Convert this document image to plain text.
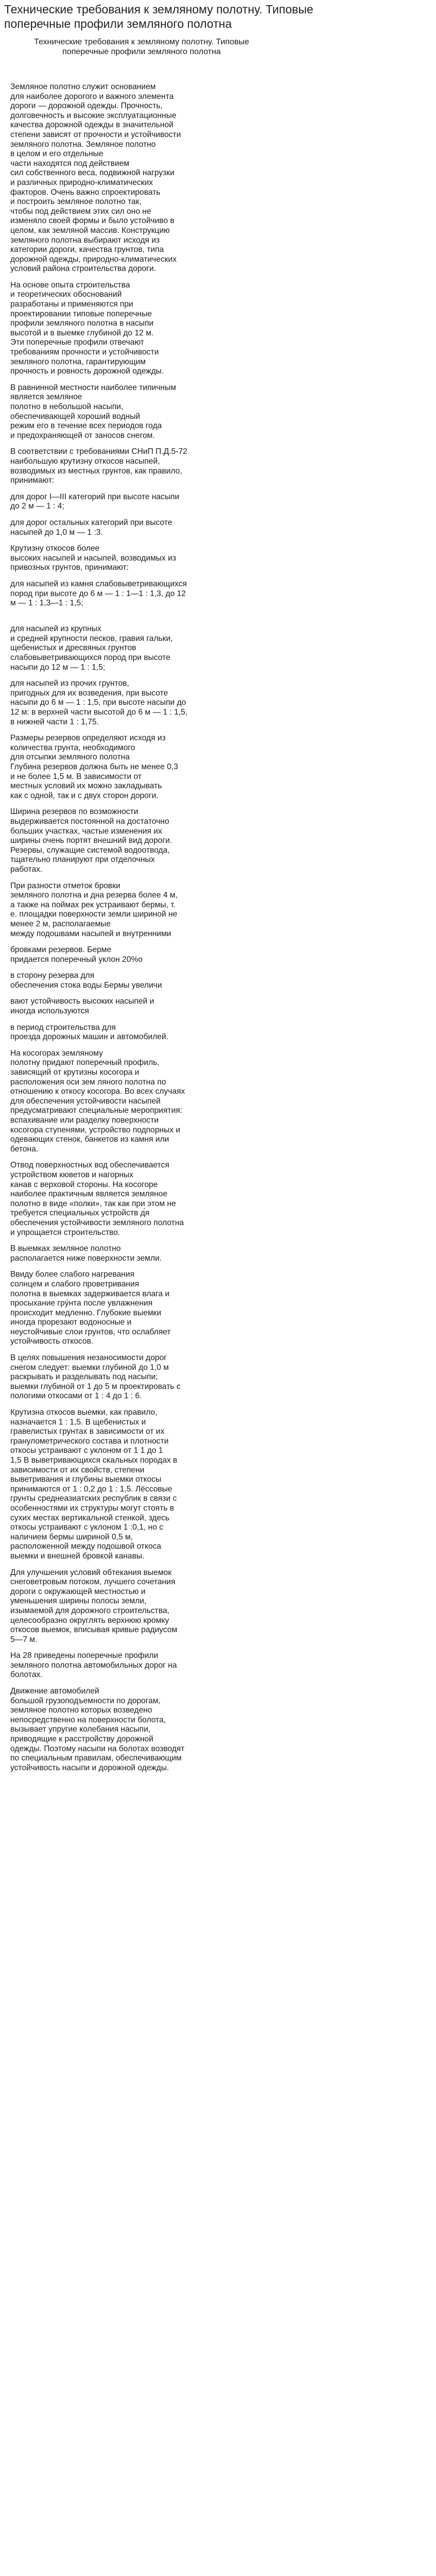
Технические требования к земляному полотну. Типовые поперечные профили земляного полотна
Технические требования к земляному полотну. Типовые поперечные профили земляного полотна

Земляное полотно служит основанием
для наиболее дорогого и важного элемента
дороги — дорожной одежды. Прочность,
долговечность и высокие эксплуатационные
качества дорожной одежды в значительной
степени зависят от прочности и устойчивости
земляного полотна. Земляное полотно
в целом и его отдельные
части находятся под действием
сил собственного веса, подвижной нагрузки
и различных природно-климатических
факторов. Очень важно спроектировать
и построить земляное полотно так,
чтобы под действием этих сил оно не
изменяло своей формы и было устойчиво в
целом, как земляной массив. Конструкцию
земляного полотна выбирают исходя из
категории дороги, качества грунтов, типа
дорожной одежды, природно-климатических
условий района строительства дороги.

На основе опыта строительства
и теоретических обоснований
разработаны и применяются при
проектировании типовые поперечные
профили земляного полотна в насыпи
высотой и в выемке глубиной до 12 м.
Эти поперечные профили отвечают
требованиям прочности и устойчивости
земляного полотна, гарантирующим
прочность и ровность дорожной одежды.

В равнинной местности наиболее типичным
является земляное
полотно в небольшой насыпи,
обеспечивающей хороший водный
режим его в течение всех периодов года
и предохраняющей от заносов снегом.

В соответствии с требованиями СНиП П.Д.5-72
наибольшую крутизну откосов насыпей,
возводимых из местных грунтов, как правило,
принимают:

для дорог I—III категорий при высоте насыпи
до 2 м — 1 : 4;

для дорог остальных категорий при высоте
насыпей до 1,0 м — 1 :3.

Крутизну откосов более
высоких насыпей и насыпей, возводимых из
привозных грунтов, принимают:

для насыпей из камня слабовыветривающихся
пород при высоте до 6 м — 1 : 1—1 : 1,3, до 12
м — 1 : 1,3—1 : 1,5;

для насыпей из крупных
и средней крупности песков, гравия гальки,
щебенистых и дресвяных грунтов
слабовыветривающихся пород при высоте
насыпи до 12 м — 1 : 1,5;

для насыпей из прочих грунтов,
пригодных для их возведения, при высоте
насыпи до 6 м — 1 : 1,5, при высоте насыпи до
12 м: в верхней части высотой до 6 м — 1 : 1,5,
в нижней части 1 : 1,75.

Размеры резервов определяют исходя из
количества грунта, необходимого
для отсыпки земляного полотна
Глубина резервов должна быть не менее 0,3
и не более 1,5 м. В зависимости от
местных условий их можно закладывать
как с одной, так и с двух сторон дороги.

Ширина резервов по возможности
выдерживается постоянной на достаточно
больших участках, частые изменения их
ширины очень портят внешний вид дороги.
Резервы, служащие системой водоотвода,
тщательно планируют при отделочных
работах.

При разности отметок бровки
земляного полотна и дна резерва более 4 м,
а также на поймах рек устраивают бермы, т.
е. площадки поверхности земли шириной не
менее 2 м, располагаемые
между подошвами насыпей и внутренними

бровками резервов. Берме
придается поперечный уклон 20%o

в сторону резерва для
обеспечения стока воды Бермы увеличи

вают устойчивость высоких насыпей и
иногда используются

в период строительства для
проезда дорожных машин и автомобилей.

На косогорах земляному
полотну придают поперечный профиль,
зависящий от крутизны косогора и
расположения оси зем ляного полотна по
отношению к откосу косогора. Во всех случаях
для обеспечения устойчивости насыпей
предусматривают специальные мероприятия:
вспахивание или разделку поверхности
косогора ступенями, устройство подпорных и
одевающих стенок, банкетов из камня или
бетона.

Отвод поверхностных вод обеспечивается
устройством кюветов и нагорных
канав с верховой стороны. На косогоре
наиболее практичным является земляное
полотно в виде «полки», так как при этом не
требуется специальных устройств д́я
обеспечения устойчивости земляного полотна
и упрощается строительство.

В выемках земляное полотно
располагается ниже поверхности земли.

Ввиду более слабого нагревания
солнцем и слабого проветривания
полотна в выемках задерживается влага и
просыхание грýнта после увлажнения
происходит медленно. Глубокие выемки
иногда прорезают водоносные и
неустойчивые слои грунтов, что ослабляет
устойчивость откосов.

В целях повышения незаносимости дорог
снегом следует: выемки глубиной до 1,0 м
раскрывать и разделывать под насыпи;
выемки глубиной от 1 до 5 м проектировать с
пологими откосами от 1 : 4 до 1 : 6.

Крутизна откосов выемки, как правило,
назначается 1 : 1,5. В щебенистых и
гравелистых грунтах в зависимости от их
гранулометрического состава и плотности
откосы устраивают с уклоном от 1 1 до 1
1,5 В выветривающихся скальных породах в
зависимости от их свойств, степени
выветривания и глубины выемки откосы
принимаются от 1 : 0,2 до 1 : 1,5. Лёссовые
грунты среднеазиатских республик в связи с
особенностями их структуры могут стоять в
сухих местах вертикальной стенкой, здесь
откосы устраивают с уклоном 1 :0,1, но с
наличием бермы шириной 0,5 м,
расположенной между подошвой откоса
выемки и внешней бровкой канавы.

Для улучшения условий обтекания выемок
снеговетровым потоком, лучшего сочетания
дороги с окружающей местностью и
уменьшения ширины полосы земли,
изымаемой для дорожного строительства,
целесообразно округлять верхнюю кромку
откосов выемок, вписывая кривые радиусом
5—7 м.

На 28 приведены поперечные профили
земляного полотна автомобильных дорог на
болотах.

Движение автомобилей
большой грузоподъемности по дорогам,
земляное полотно которых возведено
непосредственно на поверхности болота,
вызывает упругие колебания насыпи,
приводящие к расстройству дорожной
одежды. Поэтому насыпи на болотах возводят
по специальным правилам, обеспечивающим
устойчивость насыпи и дорожной одежды.
